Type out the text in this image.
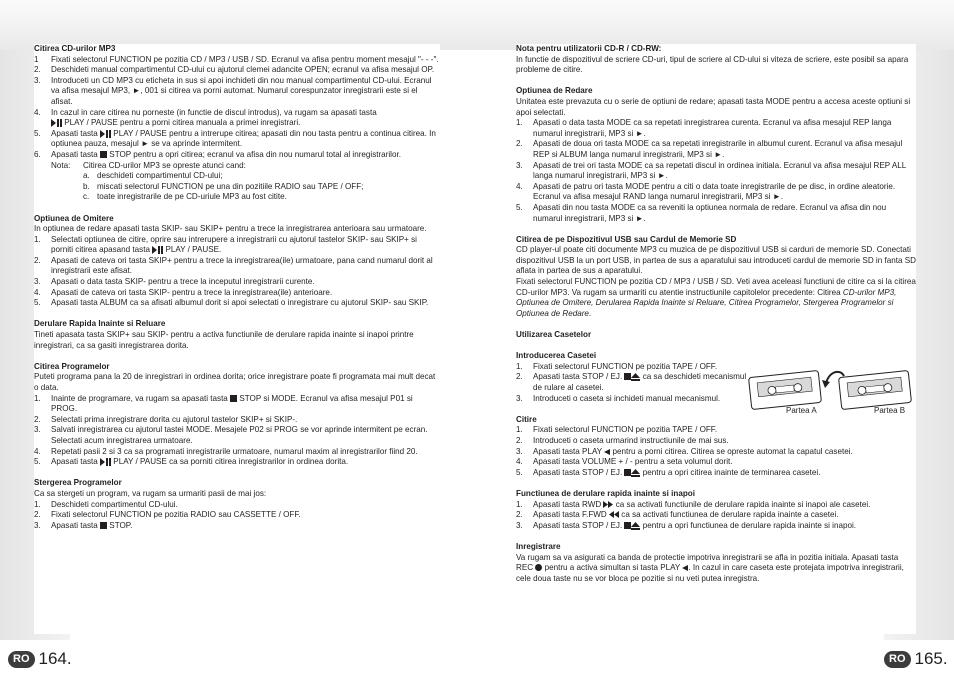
Citirea CD-urilor MP3

1 Fixati selectorul FUNCTION pe pozitia CD / MP3 / USB / SD. Ecranul va afisa pentru moment mesajul "- - -".
2. Deschideti manual compartimentul CD-ului cu ajutorul clemei adancite OPEN; ecranul va afisa mesajul OP.
3. Introduceti un CD MP3 cu eticheta in sus si apoi inchideti din nou manual compartimentul CD-ului. Ecranul va afisa mesajul MP3, ►, 001 si citirea va porni automat. Numarul corespunzator inregistrarii este si el afisat.
4. In cazul in care citirea nu porneste (in functie de discul introdus), va rugam sa apasati tasta
PLAY / PAUSE pentru a porni citirea manuala a primei inregistrari.
5. Apasati tasta PLAY / PAUSE pentru a intrerupe citirea; apasati din nou tasta pentru a continua citirea. In optiunea pauza, mesajul ► se va aprinde intermitent.
6. Apasati tasta STOP pentru a opri citirea; ecranul va afisa din nou numarul total al inregistrarilor.
Nota: Citirea CD-urilor MP3 se opreste atunci cand:
a. deschideti compartimentul CD-ului;
b. miscati selectorul FUNCTION pe una din pozitiile RADIO sau TAPE / OFF;
c. toate inregistrarile de pe CD-uriule MP3 au fost citite.

Optiunea de Omitere

In optiunea de redare apasati tasta SKIP- sau SKIP+ pentru a trece la inregistrarea anterioara sau urmatoare.

1. Selectati optiunea de citire, oprire sau intrerupere a inregistrarii cu ajutorul tastelor SKIP- sau SKIP+ si porniti citirea apasand tasta PLAY / PAUSE.
2. Apasati de cateva ori tasta SKIP+ pentru a trece la inregistrarea(ile) urmatoare, pana cand numarul dorit al inregistrarii este afisat.
3. Apasati o data tasta SKIP- pentru a trece la inceputul inregistrarii curente.
4. Apasati de cateva ori tasta SKIP- pentru a trece la inregistrarea(ile) anterioare.
5. Apasati tasta ALBUM ca sa afisati albumul dorit si apoi selectati o inregistrare cu ajutorul SKIP- sau SKIP.

Derulare Rapida Inainte si Reluare

Tineti apasata tasta SKIP+ sau SKIP- pentru a activa functiunile de derulare rapida inainte si inapoi printre inregistrari, ca sa gasiti inregistrarea dorita.

Citirea Programelor

Puteti programa pana la 20 de inregistrari in ordinea dorita; orice inregistrare poate fi programata mai mult decat o data.

1. Inainte de programare, va rugam sa apasati tasta STOP si MODE. Ecranul va afisa mesajul P01 si PROG.
2. Selectati prima inregistrare dorita cu ajutorul tastelor SKIP+ si SKIP-.
3. Salvati inregistrarea cu ajutorul tastei MODE. Mesajele P02 si PROG se vor aprinde intermitent pe ecran. Selectati acum inregistrarea urmatoare.
4. Repetati pasii 2 si 3 ca sa programati inregistrarile urmatoare, numarul maxim al inregistrarilor fiind 20.
5. Apasati tasta PLAY / PAUSE ca sa porniti citirea inregistrarilor in ordinea dorita.

Stergerea Programelor

Ca sa stergeti un program, va rugam sa urmariti pasii de mai jos:

1. Deschideti compartimentul CD-ului.
2. Fixati selectorul FUNCTION pe pozitia RADIO sau CASSETTE / OFF.
3. Apasati tasta STOP.

Nota pentru utilizatorii CD-R / CD-RW:

In functie de dispozitivul de scriere CD-uri, tipul de scriere al CD-ului si viteza de scriere, este posibil sa apara probleme de citire.

Optiunea de Redare

Unitatea este prevazuta cu o serie de optiuni de redare; apasati tasta MODE pentru a accesa aceste optiuni si apoi selectati.

1. Apasati o data tasta MODE ca sa repetati inregistrarea curenta. Ecranul va afisa mesajul REP langa numarul inregistrarii, MP3 si ►.
2. Apasati de doua ori tasta MODE ca sa repetati inregistrarile in albumul curent. Ecranul va afisa mesajul REP si ALBUM langa numarul inregistrarii, MP3 si ►.
3. Apasati de trei ori tasta MODE ca sa repetati discul in ordinea initiala. Ecranul va afisa mesajul REP ALL langa numarul inregistrarii, MP3 si ►.
4. Apasati de patru ori tasta MODE pentru a citi o data toate inregistrarile de pe disc, in ordine aleatorie. Ecranul va afisa mesajul RAND langa numarul inregistrarii, MP3 si ►.
5. Apasati din nou tasta MODE ca sa reveniti la optiunea normala de redare. Ecranul va afisa din nou numarul inregistrarii, MP3 si ►.

Citirea de pe Dispozitivul USB sau Cardul de Memorie SD

CD player-ul poate citi documente MP3 cu muzica de pe dispozitivul USB si carduri de memorie SD. Conectati dispozitivul USB la un port USB, in partea de sus a aparatului sau introduceti cardul de memorie SD in fanta SD aflata in partea de sus a aparatului.

Fixati selectorul FUNCTION pe pozitia CD / MP3 / USB / SD. Veti avea aceleasi functiuni de citire ca si la citirea CD-urilor MP3. Va rugam sa urmariti cu atentie instructiunile capitolelor precedente: Citirea CD-urilor MP3, Optiunea de Omitere, Derularea Rapida Inainte si Reluare, Citirea Programelor, Stergerea Programelor si Optiunea de Redare.

Utilizarea Casetelor

Introducerea Casetei

1. Fixati selectorul FUNCTION pe pozitia TAPE / OFF.
2. Apasati tasta STOP / EJ.	ca sa deschideti mecanismul de rulare al casetei.
3. Introduceti o caseta si inchideti manual mecanismul.

Citire

1. Fixati selectorul FUNCTION pe pozitia TAPE / OFF.
2. Introduceti o caseta urmarind instructiunile de mai sus.
3. Apasati tasta PLAY pentru a porni citirea. Citirea se opreste automat la capatul casetei.
4. Apasati tasta VOLUME + / - pentru a seta volumul dorit.
5. Apasati tasta STOP / EJ.	pentru a opri citirea inainte de terminarea casetei.

Functiunea de derulare rapida inainte si inapoi

1. Apasati tasta RWD ca sa activati functiunile de derulare rapida inainte si inapoi ale casetei.
2. Apasati tasta F.FWD ca sa activati functiunea de derulare rapida inainte a casetei.
3. Apasati tasta STOP / EJ.	pentru a opri functiunea de derulare rapida inainte si inapoi.

Inregistrare

Va rugam sa va asigurati ca banda de protectie impotriva inregistrarii se afla in pozitia initiala. Apasati tasta REC pentru a activa simultan si tasta PLAY . In cazul in care caseta este protejata impotriva inregistrarii, cele doua taste nu se vor bloca pe pozitie si nu veti putea inregistra.

Partea A	Partea B
RO 164.	RO 165.
